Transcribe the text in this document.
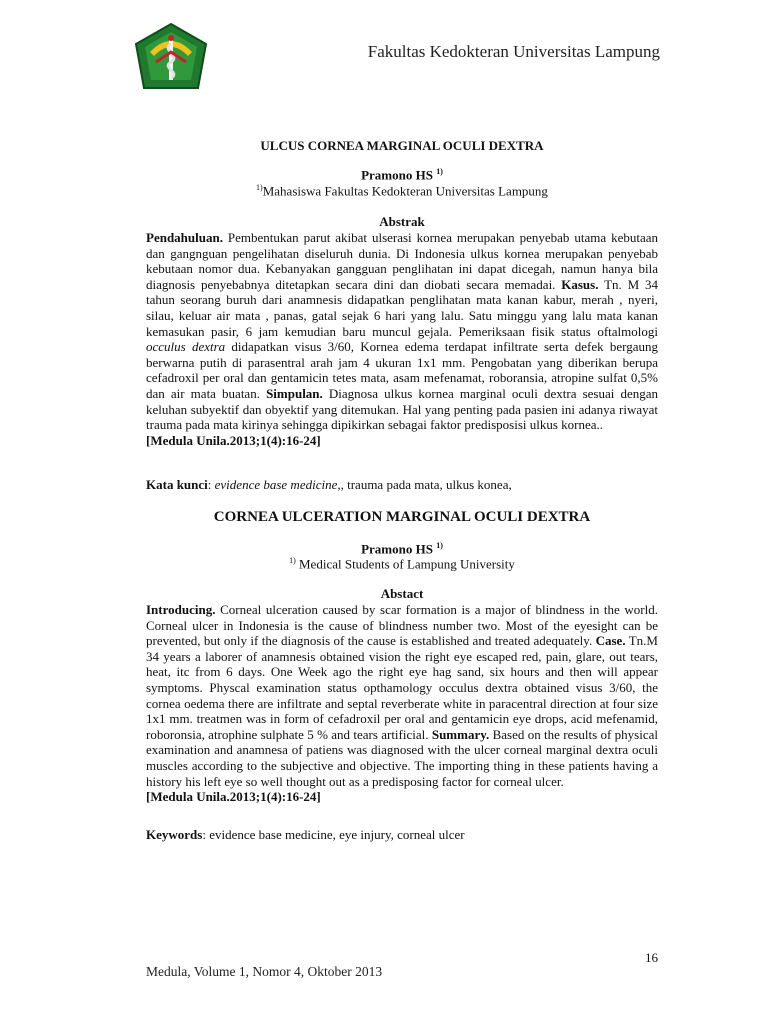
Fakultas Kedokteran Universitas Lampung
ULCUS CORNEA MARGINAL OCULI DEXTRA
Pramono HS $^{1)}$
$^{1)}$Mahasiswa Fakultas Kedokteran Universitas Lampung
Abstrak
Pendahuluan. Pembentukan parut akibat ulserasi kornea merupakan penyebab utama kebutaan dan gangnguan pengelihatan diseluruh dunia. Di Indonesia ulkus kornea merupakan penyebab kebutaan nomor dua. Kebanyakan gangguan penglihatan ini dapat dicegah, namun hanya bila diagnosis penyebabnya ditetapkan secara dini dan diobati secara memadai. Kasus. Tn. M 34 tahun seorang buruh dari anamnesis didapatkan penglihatan mata kanan kabur, merah , nyeri, silau, keluar air mata , panas, gatal sejak 6 hari yang lalu. Satu minggu yang lalu mata kanan kemasukan pasir, 6 jam kemudian baru muncul gejala. Pemeriksaan fisik status oftalmologi occulus dextra didapatkan visus 3/60, Kornea edema terdapat infiltrate serta defek bergaung berwarna putih di parasentral arah jam 4 ukuran 1x1 mm. Pengobatan yang diberikan berupa cefadroxil per oral dan gentamicin tetes mata, asam mefenamat, roboransia, atropine sulfat 0,5% dan air mata buatan. Simpulan. Diagnosa ulkus kornea marginal oculi dextra sesuai dengan keluhan subyektif dan obyektif yang ditemukan. Hal yang penting pada pasien ini adanya riwayat trauma pada mata kirinya sehingga dipikirkan sebagai faktor predisposisi ulkus kornea..
[Medula Unila.2013;1(4):16-24]
Kata kunci: evidence base medicine,, trauma pada mata, ulkus konea,
CORNEA ULCERATION MARGINAL OCULI DEXTRA
Pramono HS $^{1)}$
$^{1)}$ Medical Students of Lampung University
Abstact
Introducing. Corneal ulceration caused by scar formation is a major of blindness in the world. Corneal ulcer in Indonesia is the cause of blindness number two. Most of the eyesight can be prevented, but only if the diagnosis of the cause is established and treated adequately. Case. Tn.M 34 years a laborer of anamnesis obtained vision the right eye escaped red, pain, glare, out tears, heat, itc from 6 days. One Week ago the right eye hag sand, six hours and then will appear symptoms. Physcal examination status opthamology occulus dextra obtained visus 3/60, the cornea oedema there are infiltrate and septal reverberate white in paracentral direction at four size 1x1 mm. treatmen was in form of cefadroxil per oral and gentamicin eye drops, acid mefenamid, roboronsia, atrophine sulphate 5 % and tears artificial. Summary. Based on the results of physical examination and anamnesa of patiens was diagnosed with the ulcer corneal marginal dextra oculi muscles according to the subjective and objective. The importing thing in these patients having a history his left eye so well thought out as a predisposing factor for corneal ulcer.
[Medula Unila.2013;1(4):16-24]
Keywords: evidence base medicine, eye injury, corneal ulcer
16
Medula, Volume 1, Nomor 4, Oktober 2013
